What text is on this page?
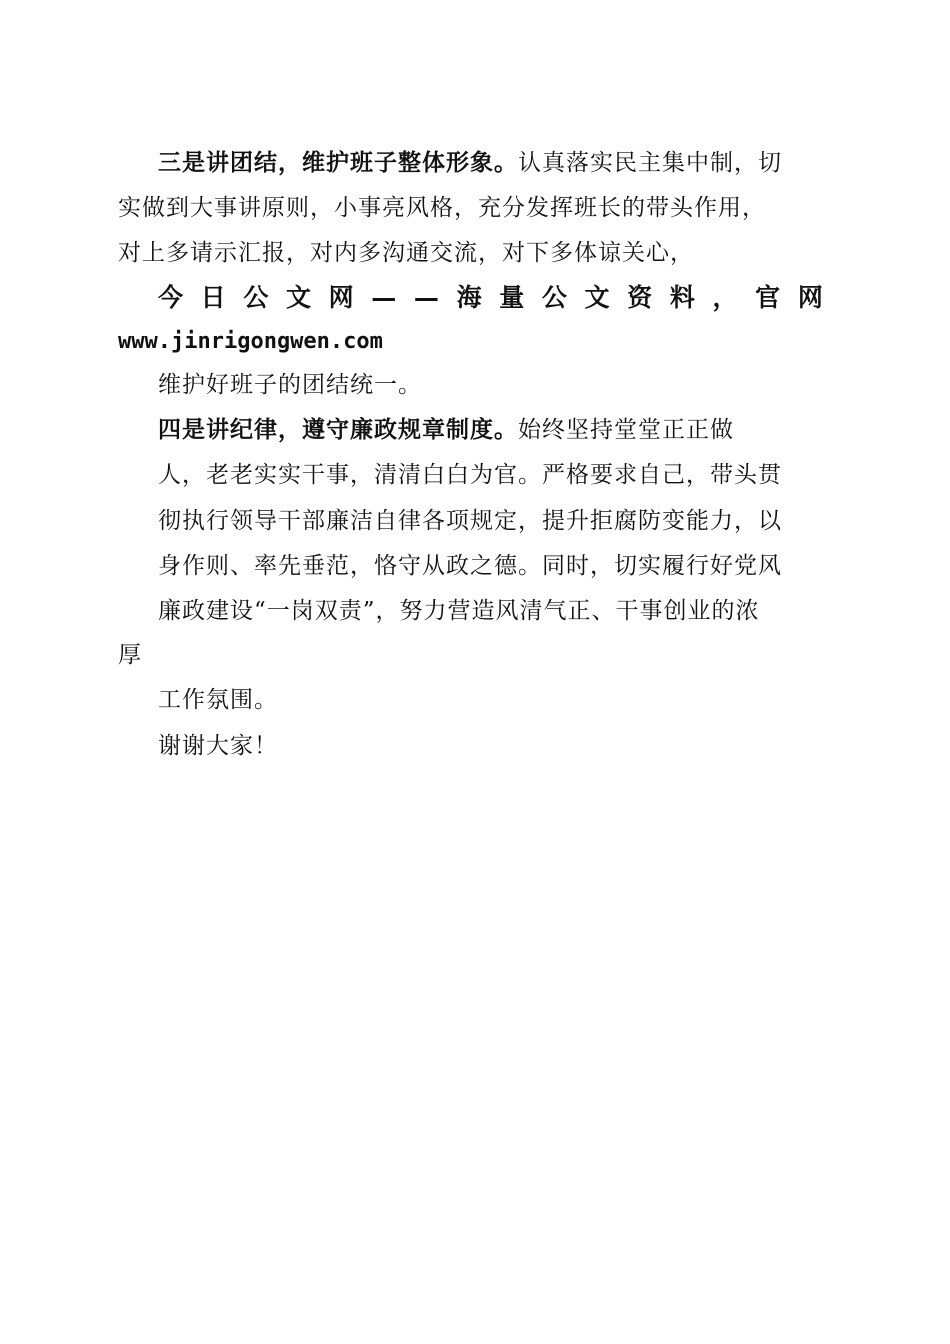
三是讲团结，维护班子整体形象。认真落实民主集中制，切
实做到大事讲原则，小事亮风格，充分发挥班长的带头作用，
对上多请示汇报，对内多沟通交流，对下多体谅关心，
今 日 公 文 网 — — 海 量 公 文 资 料 ， 官 网
www.jinrigongwen.com
维护好班子的团结统一。
四是讲纪律，遵守廉政规章制度。始终坚持堂堂正正做
人，老老实实干事，清清白白为官。严格要求自己，带头贯
彻执行领导干部廉洁自律各项规定，提升拒腐防变能力，以
身作则、率先垂范，恪守从政之德。同时，切实履行好党风
廉政建设“一岗双责”，努力营造风清气正、干事创业的浓
厚
工作氛围。
谢谢大家！
